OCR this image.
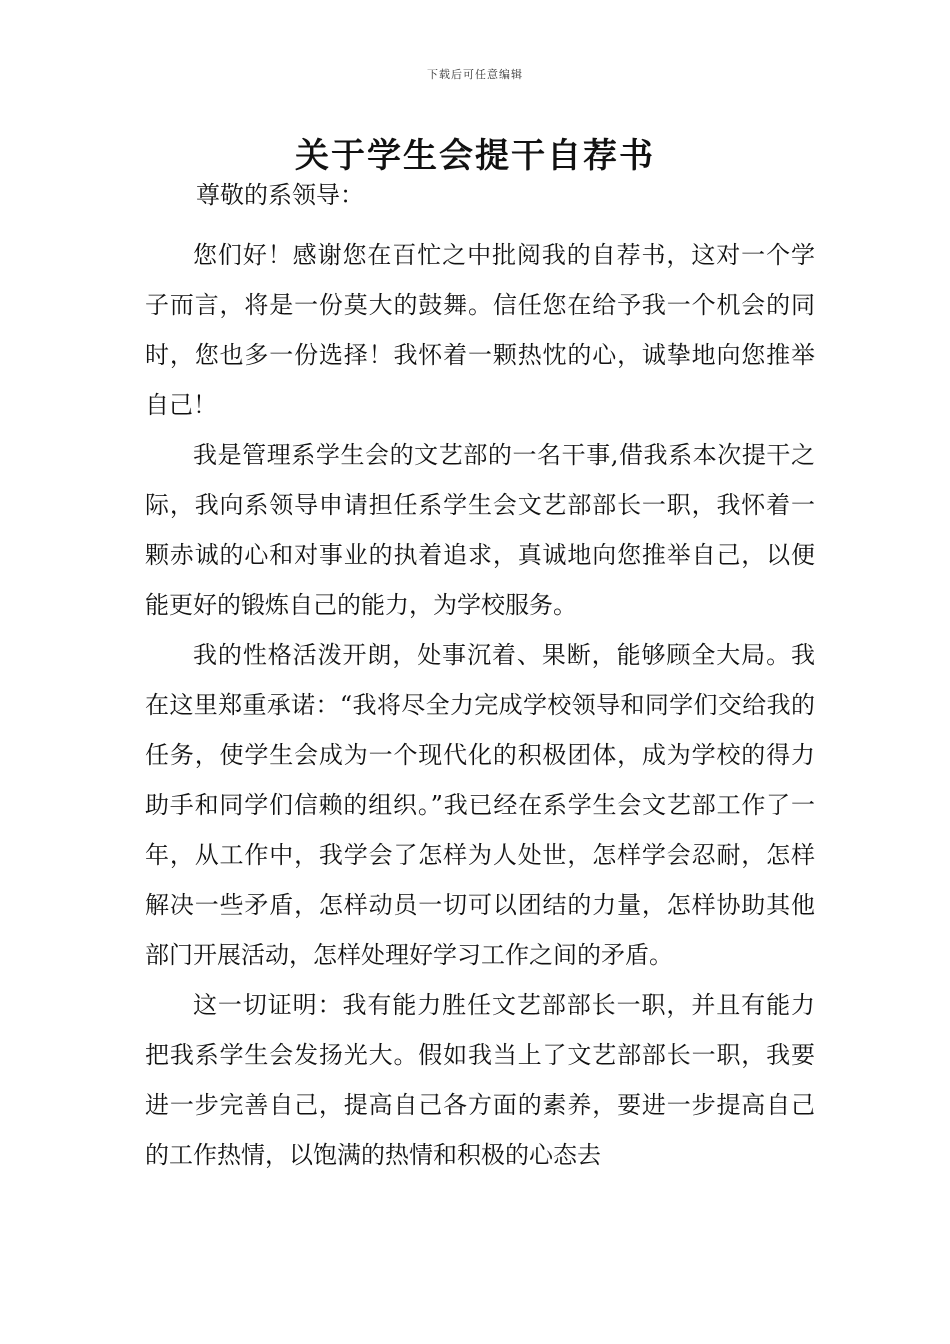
下载后可任意编辑
关于学生会提干自荐书

尊敬的系领导：

您们好！感谢您在百忙之中批阅我的自荐书，这对一个学子而言，将是一份莫大的鼓舞。信任您在给予我一个机会的同时，您也多一份选择！我怀着一颗热忱的心，诚挚地向您推举自己！

我是管理系学生会的文艺部的一名干事,借我系本次提干之际，我向系领导申请担任系学生会文艺部部长一职，我怀着一颗赤诚的心和对事业的执着追求，真诚地向您推举自己，以便能更好的锻炼自己的能力，为学校服务。

我的性格活泼开朗，处事沉着、果断，能够顾全大局。我在这里郑重承诺：“我将尽全力完成学校领导和同学们交给我的任务，使学生会成为一个现代化的积极团体，成为学校的得力助手和同学们信赖的组织。”我已经在系学生会文艺部工作了一年，从工作中，我学会了怎样为人处世，怎样学会忍耐，怎样解决一些矛盾，怎样动员一切可以团结的力量，怎样协助其他部门开展活动，怎样处理好学习工作之间的矛盾。

这一切证明：我有能力胜任文艺部部长一职，并且有能力把我系学生会发扬光大。假如我当上了文艺部部长一职，我要进一步完善自己，提高自己各方面的素养，要进一步提高自己的工作热情，以饱满的热情和积极的心态去
